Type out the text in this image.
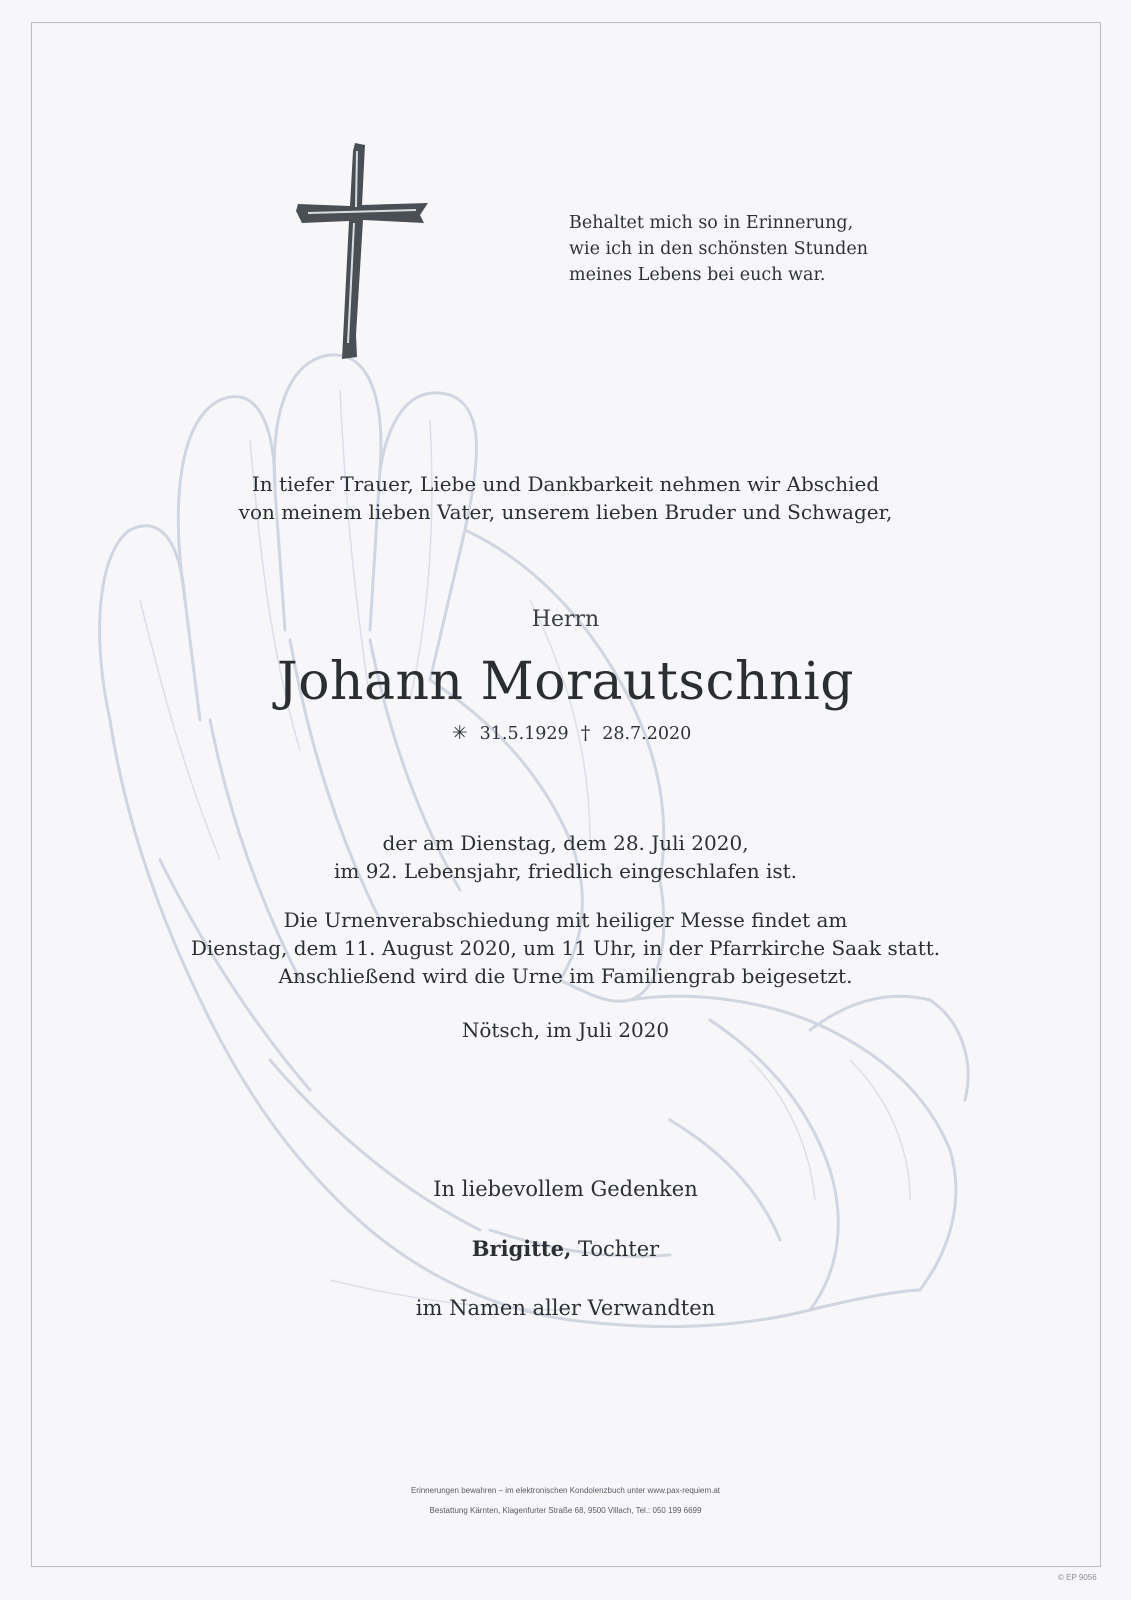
Behaltet mich so in Erinnerung,
wie ich in den schönsten Stunden
meines Lebens bei euch war.
In tiefer Trauer, Liebe und Dankbarkeit nehmen wir Abschied
von meinem lieben Vater, unserem lieben Bruder und Schwager,
Herrn
Johann Morautschnig
✳ 31.5.1929 † 28.7.2020
der am Dienstag, dem 28. Juli 2020,
im 92. Lebensjahr, friedlich eingeschlafen ist.
Die Urnenverabschiedung mit heiliger Messe findet am
Dienstag, dem 11. August 2020, um 11 Uhr, in der Pfarrkirche Saak statt.
Anschließend wird die Urne im Familiengrab beigesetzt.
Nötsch, im Juli 2020
In liebevollem Gedenken
Brigitte, Tochter
im Namen aller Verwandten
Erinnerungen bewahren – im elektronischen Kondolenzbuch unter www.pax-requiem.at
Bestattung Kärnten, Klagenfurter Straße 68, 9500 Villach, Tel.: 050 199 6699
© EP 9056
